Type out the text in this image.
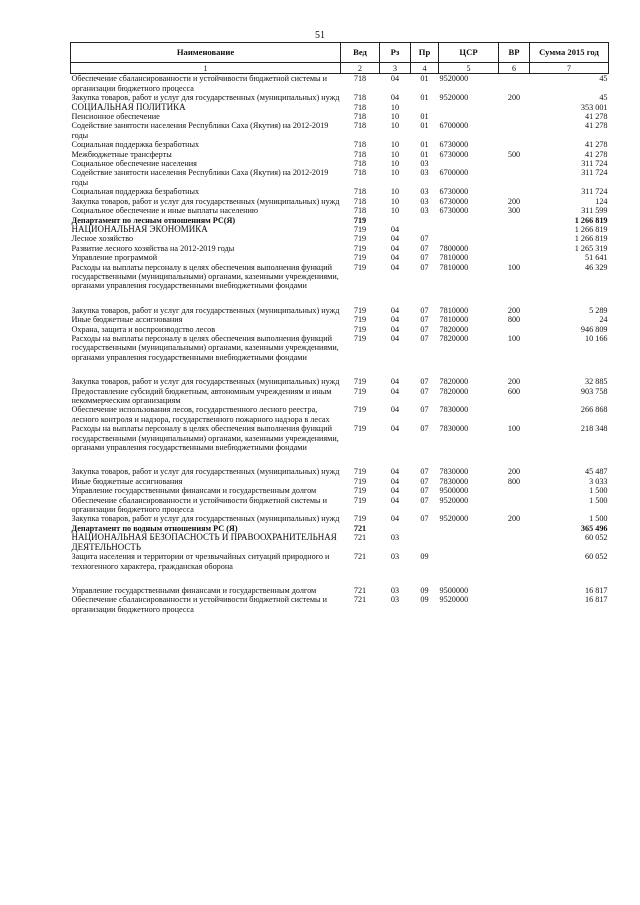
51
Наименование	Вед	Рз	Пр	ЦСР	ВР	Сумма 2015 год
1	2	3	4	5	6	7
Обеспечение сбалансированности и устойчивости бюджетной системы и организации бюджетного процесса	718	04	01	9520000		45
Закупка товаров, работ и услуг для государственных (муниципальных) нужд	718	04	01	9520000	200	45
СОЦИАЛЬНАЯ ПОЛИТИКА	718	10				353 001
Пенсионное обеспечение	718	10	01			41 278
Содействие занятости населения Республики Саха (Якутия) на 2012-2019 годы	718	10	01	6700000		41 278
Социальная поддержка безработных	718	10	01	6730000		41 278
Межбюджетные трансферты	718	10	01	6730000	500	41 278
Социальное обеспечение населения	718	10	03			311 724
Содействие занятости населения Республики Саха (Якутия) на 2012-2019 годы	718	10	03	6700000		311 724
Социальная поддержка безработных	718	10	03	6730000		311 724
Закупка товаров, работ и услуг для государственных (муниципальных) нужд	718	10	03	6730000	200	124
Социальное обеспечение и иные выплаты населению	718	10	03	6730000	300	311 599
Департамент по лесным отношениям РС(Я)	719					1 266 819
НАЦИОНАЛЬНАЯ ЭКОНОМИКА	719	04				1 266 819
Лесное хозяйство	719	04	07			1 266 819
Развитие лесного хозяйства на 2012-2019 годы	719	04	07	7800000		1 265 319
Управление программой	719	04	07	7810000		51 641
Расходы на выплаты персоналу в целях обеспечения выполнения функций государственными (муниципальными) органами, казенными учреждениями, органами управления государственными внебюджетными фондами	719	04	07	7810000	100	46 329

Закупка товаров, работ и услуг для государственных (муниципальных) нужд	719	04	07	7810000	200	5 289
Иные бюджетные ассигнования	719	04	07	7810000	800	24
Охрана, защита и воспроизводство лесов	719	04	07	7820000		946 809
Расходы на выплаты персоналу в целях обеспечения выполнения функций государственными (муниципальными) органами, казенными учреждениями, органами управления государственными внебюджетными фондами	719	04	07	7820000	100	10 166

Закупка товаров, работ и услуг для государственных (муниципальных) нужд	719	04	07	7820000	200	32 885
Предоставление субсидий бюджетным, автономным учреждениям и иным некоммерческим организациям	719	04	07	7820000	600	903 758
Обеспечение использования лесов, государственного лесного реестра, лесного контроля и надзора, государственного пожарного надзора в лесах	719	04	07	7830000		266 868
Расходы на выплаты персоналу в целях обеспечения выполнения функций государственными (муниципальными) органами, казенными учреждениями, органами управления государственными внебюджетными фондами	719	04	07	7830000	100	218 348

Закупка товаров, работ и услуг для государственных (муниципальных) нужд	719	04	07	7830000	200	45 487
Иные бюджетные ассигнования	719	04	07	7830000	800	3 033
Управление государственными финансами и государственным долгом	719	04	07	9500000		1 500
Обеспечение сбалансированности и устойчивости бюджетной системы и организации бюджетного процесса	719	04	07	9520000		1 500
Закупка товаров, работ и услуг для государственных (муниципальных) нужд	719	04	07	9520000	200	1 500
Департамент по водным отношениям РС (Я)	721					365 496
НАЦИОНАЛЬНАЯ БЕЗОПАСНОСТЬ И ПРАВООХРАНИТЕЛЬНАЯ ДЕЯТЕЛЬНОСТЬ	721	03				60 052
Защита населения и территории от чрезвычайных ситуаций природного и техногенного характера, гражданская оборона	721	03	09			60 052

Управление государственными финансами и государственным долгом	721	03	09	9500000		16 817
Обеспечение сбалансированности и устойчивости бюджетной системы и организации бюджетного процесса	721	03	09	9520000		16 817
